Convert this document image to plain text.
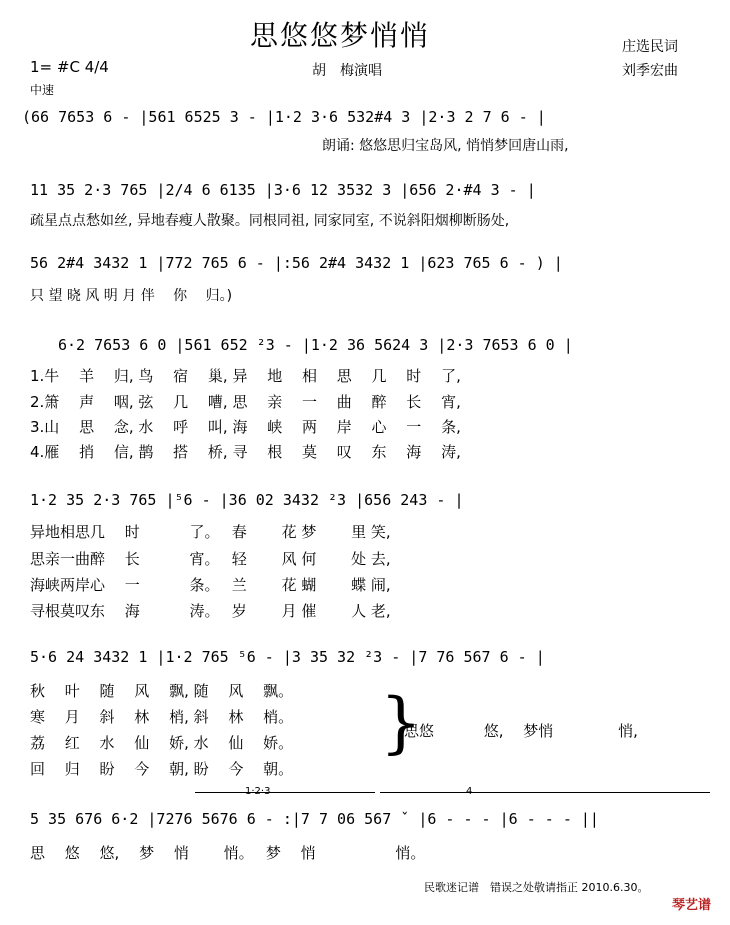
思悠悠梦悄悄
1= #C 4/4
中速
胡　梅演唱
庄选民词
刘季宏曲
(66 7653 6 - |561 6525 3 - |1·2 3·6 532#4 3 |2·3 2 7 6 - |
朗诵: 悠悠思归宝岛风, 悄悄梦回唐山雨,
11 35 2·3 765 |2/4 6 6135 |3·6 12 3532 3 |656 2·#4 3 - |
疏星点点愁如丝, 异地春瘦人散聚。同根同祖, 同家同室, 不说斜阳烟柳断肠处,
56 2#4 3432 1 |772 765 6 - |:56 2#4 3432 1 |623 765 6 - ) |
只 望 晓 风 明 月 伴　 你　 归。)
6·2 7653 6 0 |561 652 ²3 - |1·2 36 5624 3 |2·3 7653 6 0 |
1.牛　 羊　 归, 鸟　 宿　 巢, 异　 地　 相　 思　 几　 时　 了,
2.箫　 声　 咽, 弦　 几　 嘈, 思　 亲　 一　 曲　 醉　 长　 宵,
3.山　 思　 念, 水　 呼　 叫, 海　 峡　 两　 岸　 心　 一　 条,
4.雁　 捎　 信, 鹊　 搭　 桥, 寻　 根　 莫　 叹　 东　 海　 涛,
1·2 35 2·3 765 |⁵6 - |36 02 3432 ²3 |656 243 - |
异地相思几　 时　　　 了。　 春　　 花 梦　　 里 笑,
思亲一曲醉　 长　　　 宵。　 轻　　 风 何　　 处 去,
海峡两岸心　 一　　　 条。　 兰　　 花 蝴　　 蝶 闹,
寻根莫叹东　 海　　　 涛。　 岁　　 月 催　　 人 老,
5·6 24 3432 1 |1·2 765 ⁵6 - |3 35 32 ²3 - |7 76 567 6 - |
秋　 叶　 随　 风　 飘, 随　 风　 飘。
寒　 月　 斜　 林　 梢, 斜　 林　 梢。
荔　 红　 水　 仙　 娇, 水　 仙　 娇。
回　 归　 盼　 今　 朝, 盼　 今　 朝。
}
思悠　　　 悠,　 梦悄　　　　 悄,
5 35 676 6·2 |7276 5676 6 - :|7 7 06 567 ˇ |6 - - - |6 - - - ||
思　 悠　 悠,　 梦　 悄　　 悄。　 梦　 悄　　　　　 悄。
民歌迷记谱　错误之处敬请指正 2010.6.30。
琴艺谱
